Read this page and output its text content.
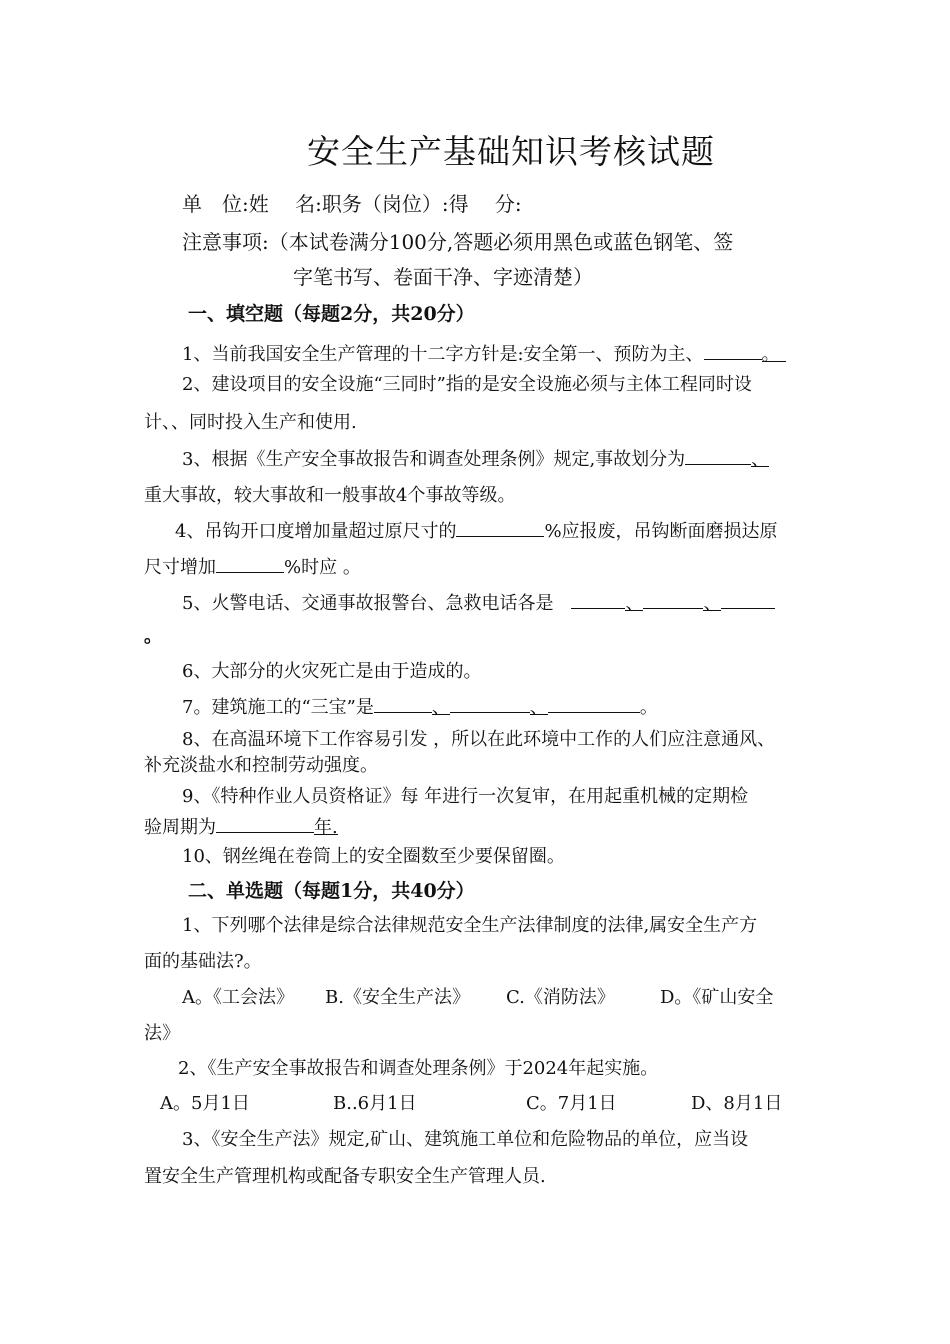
安全生产基础知识考核试题
单　位:姓　 名:职务（岗位）:得　 分:
注意事项:（本试卷满分100分,答题必须用黑色或蓝色钢笔、签
字笔书写、卷面干净、字迹清楚）
一、填空题（每题2分，共20分）
1、当前我国安全生产管理的十二字方针是:安全第一、预防为主、	。
2、建设项目的安全设施“三同时”指的是安全设施必须与主体工程同时设
计、、同时投入生产和使用.
3、根据《生产安全事故报告和调查处理条例》规定,事故划分为	、
重大事故，较大事故和一般事故4个事故等级。
4、吊钩开口度增加量超过原尺寸的	%应报废，吊钩断面磨损达原
尺寸增加	%时应 。
5、火警电话、交通事故报警台、急救电话各是	、	、
。
6、大部分的火灾死亡是由于造成的。
7。建筑施工的“三宝”是	、	、	。
8、在高温环境下工作容易引发 ，所以在此环境中工作的人们应注意通风、
补充淡盐水和控制劳动强度。
9、《特种作业人员资格证》每 年进行一次复审，在用起重机械的定期检
验周期为	年.
10、钢丝绳在卷筒上的安全圈数至少要保留圈。
二、单选题（每题1分，共40分）
1、下列哪个法律是综合法律规范安全生产法律制度的法律,属安全生产方
面的基础法?。
A。《工会法》 B.《安全生产法》 C.《消防法》	D。《矿山安全
法》
2、《生产安全事故报告和调查处理条例》于2024年起实施。
A。5月1日	B..6月1日	C。7月1日	D、8月1日
3、《安全生产法》规定,矿山、建筑施工单位和危险物品的单位，应当设
置安全生产管理机构或配备专职安全生产管理人员.
